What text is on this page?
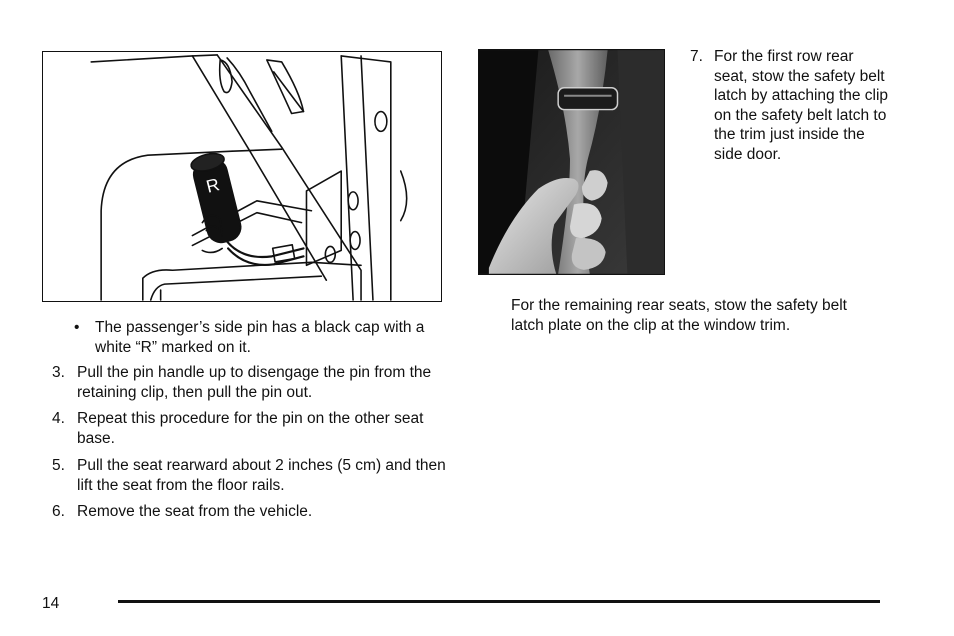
R
•	The passenger’s side pin has a black cap with a white “R” marked on it.
3. Pull the pin handle up to disengage the pin from the retaining clip, then pull the pin out.
4. Repeat this procedure for the pin on the other seat base.
5. Pull the seat rearward about 2 inches (5 cm) and then lift the seat from the floor rails.
6. Remove the seat from the vehicle.
7. For the first row rear seat, stow the safety belt latch by attaching the clip on the safety belt latch to the trim just inside the side door.
For the remaining rear seats, stow the safety belt latch plate on the clip at the window trim.
14
